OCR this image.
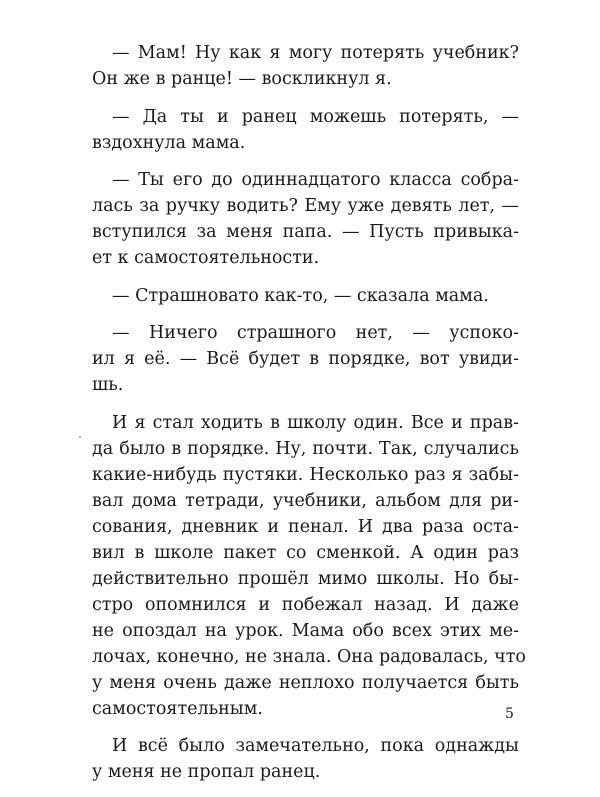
— Мам! Ну как я могу потерять учебник?
Он же в ранце! — воскликнул я.
— Да ты и ранец можешь потерять, —
вздохнула мама.
— Ты его до одиннадцатого класса собра-
лась за ручку водить? Ему уже девять лет, —
вступился за меня папа. — Пусть привыка-
ет к самостоятельности.
— Страшновато как-то, — сказала мама.
— Ничего страшного нет, — успоко-
ил я её. — Всё будет в порядке, вот увиди-
шь.
И я стал ходить в школу один. Все и прав-
да было в порядке. Ну, почти. Так, случались
какие-нибудь пустяки. Несколько раз я забы-
вал дома тетради, учебники, альбом для ри-
сования, дневник и пенал. И два раза оста-
вил в школе пакет со сменкой. А один раз
действительно прошёл мимо школы. Но бы-
стро опомнился и побежал назад. И даже
не опоздал на урок. Мама обо всех этих ме-
лочах, конечно, не знала. Она радовалась, что
у меня очень даже неплохо получается быть
самостоятельным.
И всё было замечательно, пока однажды
у меня не пропал ранец.
5
